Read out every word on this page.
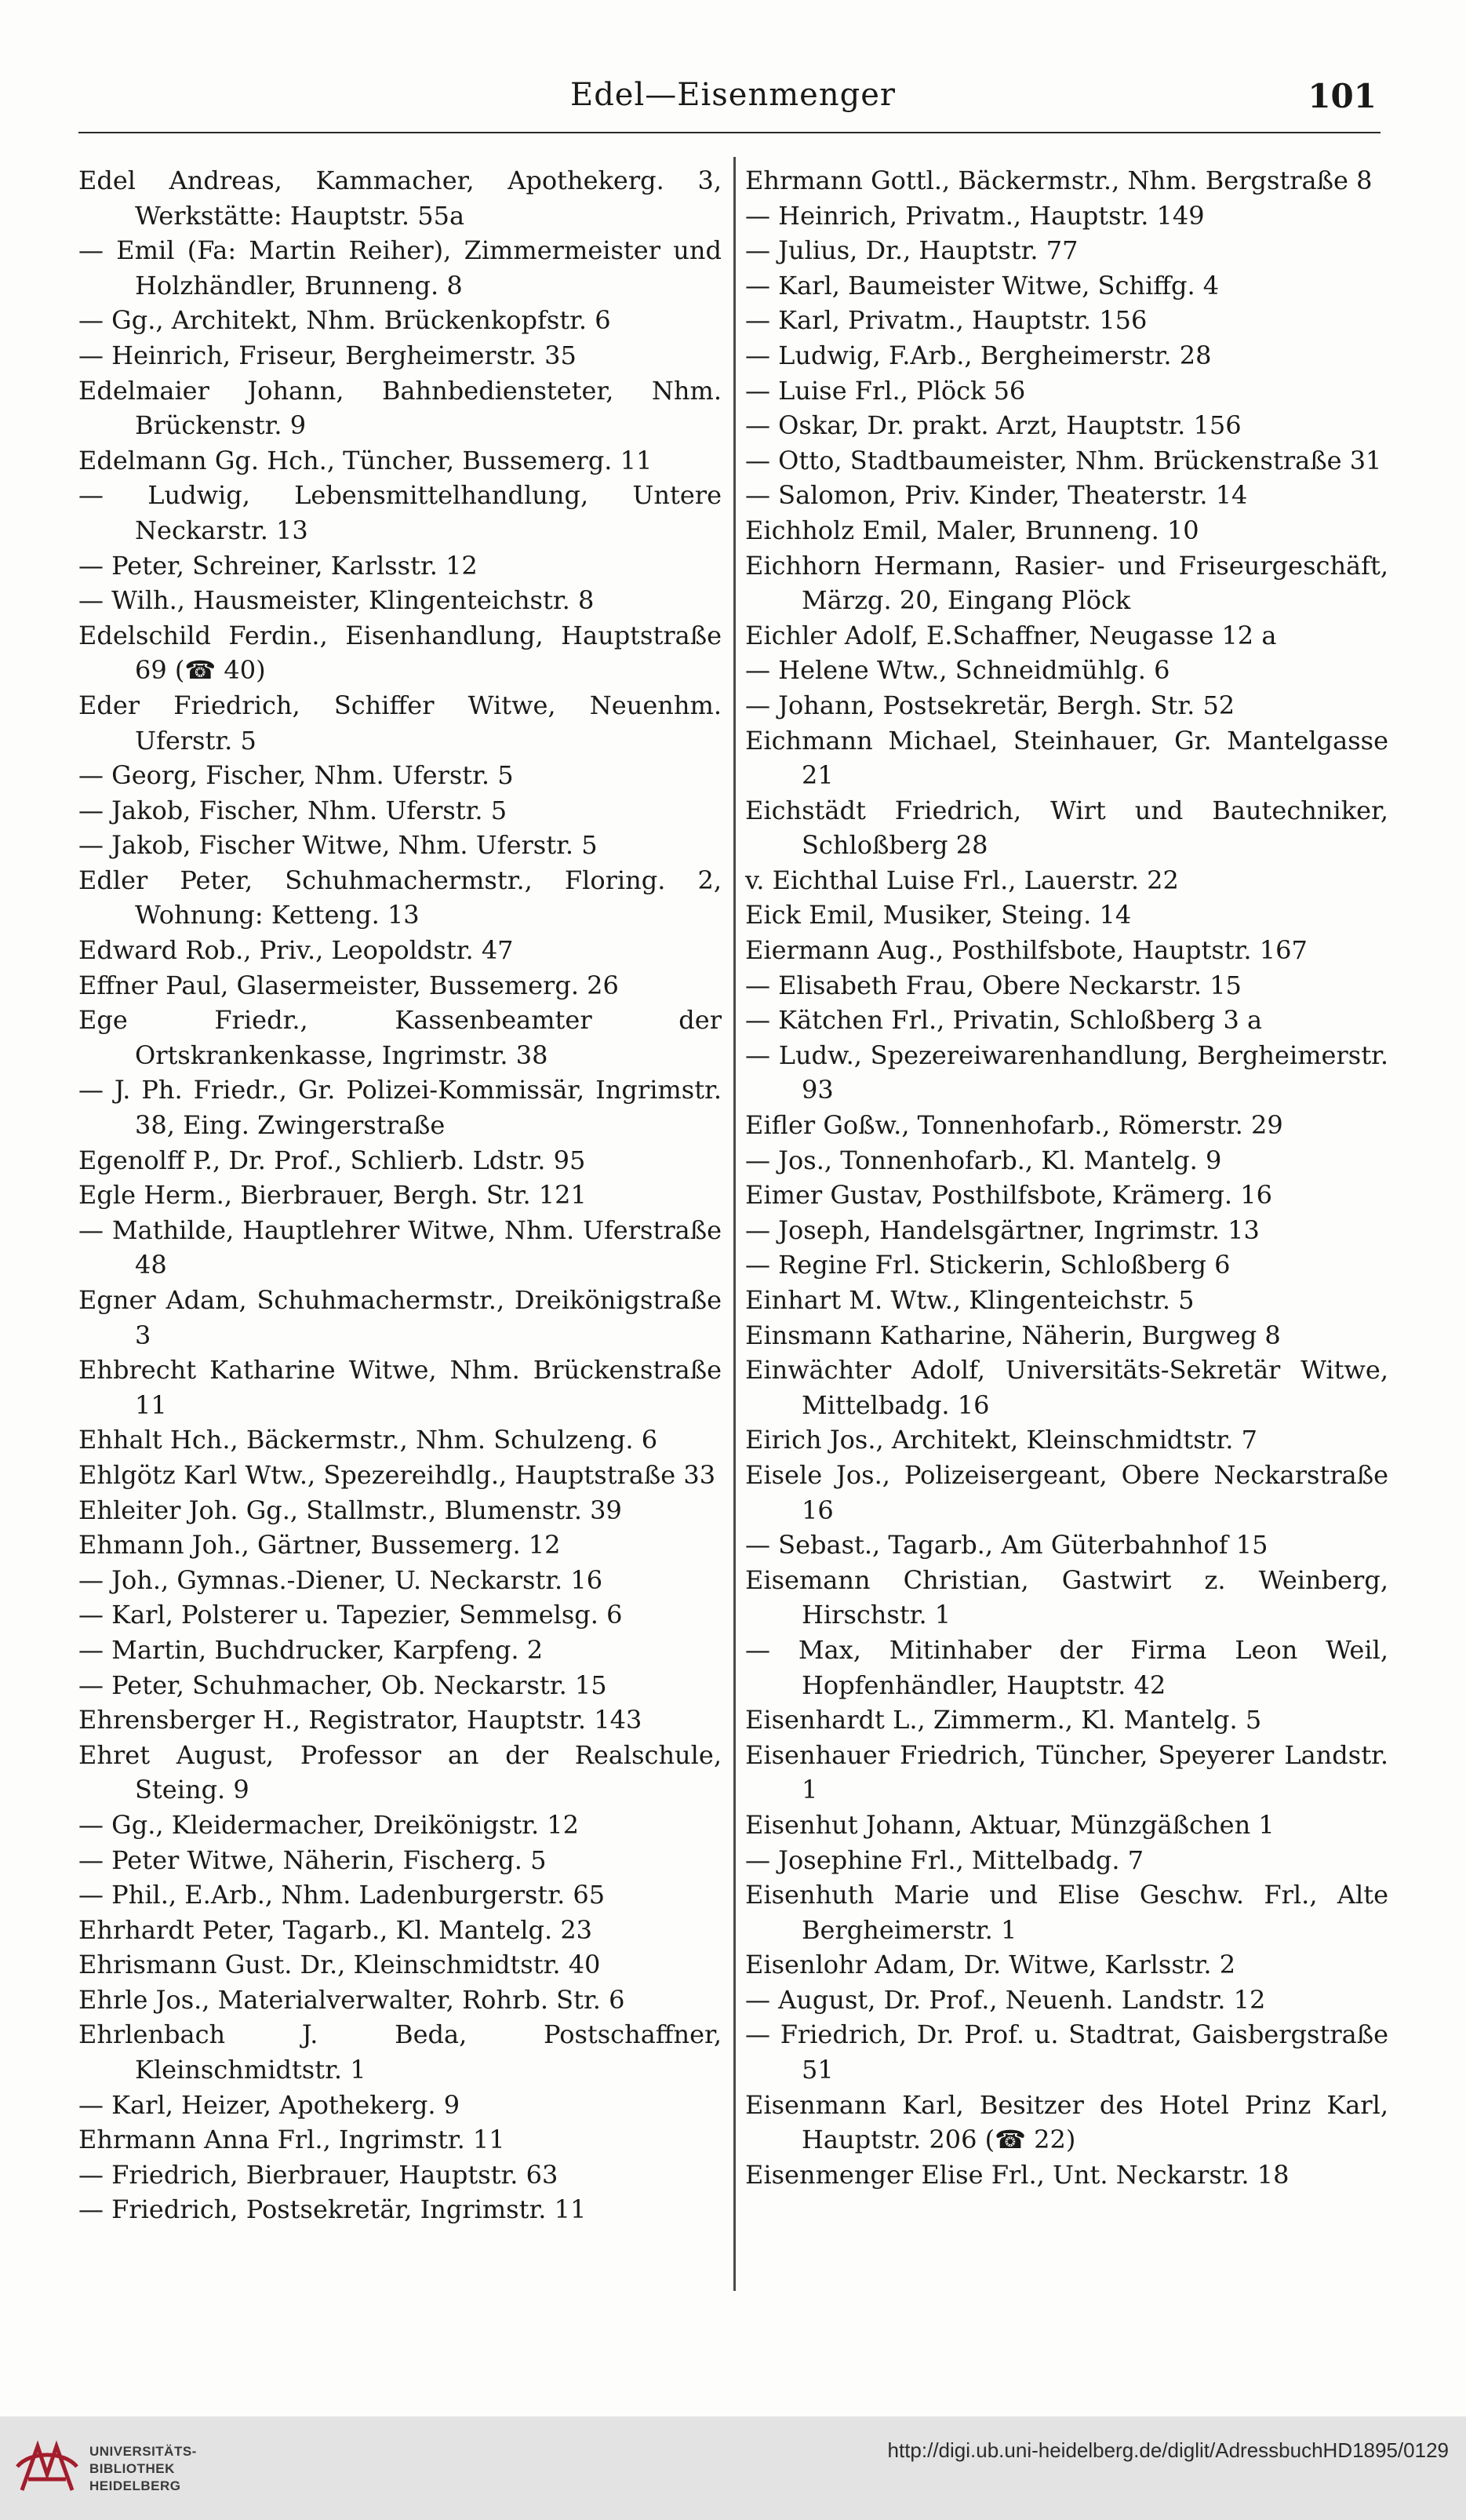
Edel—Eisenmenger	101

Edel Andreas, Kammacher, Apothekerg. 3, Werkstätte: Hauptstr. 55a

— Emil (Fa: Martin Reiher), Zimmermeister und Holzhändler, Brunneng. 8

— Gg., Architekt, Nhm. Brückenkopfstr. 6

— Heinrich, Friseur, Bergheimerstr. 35

Edelmaier Johann, Bahnbediensteter, Nhm. Brückenstr. 9

Edelmann Gg. Hch., Tüncher, Bussemerg. 11

— Ludwig, Lebensmittelhandlung, Untere Neckarstr. 13

— Peter, Schreiner, Karlsstr. 12

— Wilh., Hausmeister, Klingenteichstr. 8

Edelschild Ferdin., Eisenhandlung, Hauptstraße 69 (☎ 40)

Eder Friedrich, Schiffer Witwe, Neuenhm. Uferstr. 5

— Georg, Fischer, Nhm. Uferstr. 5

— Jakob, Fischer, Nhm. Uferstr. 5

— Jakob, Fischer Witwe, Nhm. Uferstr. 5

Edler Peter, Schuhmachermstr., Floring. 2, Wohnung: Ketteng. 13

Edward Rob., Priv., Leopoldstr. 47

Effner Paul, Glasermeister, Bussemerg. 26

Ege Friedr., Kassenbeamter der Ortskrankenkasse, Ingrimstr. 38

— J. Ph. Friedr., Gr. Polizei-Kommissär, Ingrimstr. 38, Eing. Zwingerstraße

Egenolff P., Dr. Prof., Schlierb. Ldstr. 95

Egle Herm., Bierbrauer, Bergh. Str. 121

— Mathilde, Hauptlehrer Witwe, Nhm. Uferstraße 48

Egner Adam, Schuhmachermstr., Dreikönigstraße 3

Ehbrecht Katharine Witwe, Nhm. Brückenstraße 11

Ehhalt Hch., Bäckermstr., Nhm. Schulzeng. 6

Ehlgötz Karl Wtw., Spezereihdlg., Hauptstraße 33

Ehleiter Joh. Gg., Stallmstr., Blumenstr. 39

Ehmann Joh., Gärtner, Bussemerg. 12

— Joh., Gymnas.-Diener, U. Neckarstr. 16

— Karl, Polsterer u. Tapezier, Semmelsg. 6

— Martin, Buchdrucker, Karpfeng. 2

— Peter, Schuhmacher, Ob. Neckarstr. 15

Ehrensberger H., Registrator, Hauptstr. 143

Ehret August, Professor an der Realschule, Steing. 9

— Gg., Kleidermacher, Dreikönigstr. 12

— Peter Witwe, Näherin, Fischerg. 5

— Phil., E.Arb., Nhm. Ladenburgerstr. 65

Ehrhardt Peter, Tagarb., Kl. Mantelg. 23

Ehrismann Gust. Dr., Kleinschmidtstr. 40

Ehrle Jos., Materialverwalter, Rohrb. Str. 6

Ehrlenbach J. Beda, Postschaffner, Kleinschmidtstr. 1

— Karl, Heizer, Apothekerg. 9

Ehrmann Anna Frl., Ingrimstr. 11

— Friedrich, Bierbrauer, Hauptstr. 63

— Friedrich, Postsekretär, Ingrimstr. 11

Ehrmann Gottl., Bäckermstr., Nhm. Bergstraße 8

— Heinrich, Privatm., Hauptstr. 149

— Julius, Dr., Hauptstr. 77

— Karl, Baumeister Witwe, Schiffg. 4

— Karl, Privatm., Hauptstr. 156

— Ludwig, F.Arb., Bergheimerstr. 28

— Luise Frl., Plöck 56

— Oskar, Dr. prakt. Arzt, Hauptstr. 156

— Otto, Stadtbaumeister, Nhm. Brückenstraße 31

— Salomon, Priv. Kinder, Theaterstr. 14

Eichholz Emil, Maler, Brunneng. 10

Eichhorn Hermann, Rasier- und Friseurgeschäft, Märzg. 20, Eingang Plöck

Eichler Adolf, E.Schaffner, Neugasse 12 a

— Helene Wtw., Schneidmühlg. 6

— Johann, Postsekretär, Bergh. Str. 52

Eichmann Michael, Steinhauer, Gr. Mantelgasse 21

Eichstädt Friedrich, Wirt und Bautechniker, Schloßberg 28

v. Eichthal Luise Frl., Lauerstr. 22

Eick Emil, Musiker, Steing. 14

Eiermann Aug., Posthilfsbote, Hauptstr. 167

— Elisabeth Frau, Obere Neckarstr. 15

— Kätchen Frl., Privatin, Schloßberg 3 a

— Ludw., Spezereiwarenhandlung, Bergheimerstr. 93

Eifler Goßw., Tonnenhofarb., Römerstr. 29

— Jos., Tonnenhofarb., Kl. Mantelg. 9

Eimer Gustav, Posthilfsbote, Krämerg. 16

— Joseph, Handelsgärtner, Ingrimstr. 13

— Regine Frl. Stickerin, Schloßberg 6

Einhart M. Wtw., Klingenteichstr. 5

Einsmann Katharine, Näherin, Burgweg 8

Einwächter Adolf, Universitäts-Sekretär Witwe, Mittelbadg. 16

Eirich Jos., Architekt, Kleinschmidtstr. 7

Eisele Jos., Polizeisergeant, Obere Neckarstraße 16

— Sebast., Tagarb., Am Güterbahnhof 15

Eisemann Christian, Gastwirt z. Weinberg, Hirschstr. 1

— Max, Mitinhaber der Firma Leon Weil, Hopfenhändler, Hauptstr. 42

Eisenhardt L., Zimmerm., Kl. Mantelg. 5

Eisenhauer Friedrich, Tüncher, Speyerer Landstr. 1

Eisenhut Johann, Aktuar, Münzgäßchen 1

— Josephine Frl., Mittelbadg. 7

Eisenhuth Marie und Elise Geschw. Frl., Alte Bergheimerstr. 1

Eisenlohr Adam, Dr. Witwe, Karlsstr. 2

— August, Dr. Prof., Neuenh. Landstr. 12

— Friedrich, Dr. Prof. u. Stadtrat, Gaisbergstraße 51

Eisenmann Karl, Besitzer des Hotel Prinz Karl, Hauptstr. 206 (☎ 22)

Eisenmenger Elise Frl., Unt. Neckarstr. 18

UNIVERSITÄTS-
BIBLIOTHEK
HEIDELBERG
http://digi.ub.uni-heidelberg.de/diglit/AdressbuchHD1895/0129
